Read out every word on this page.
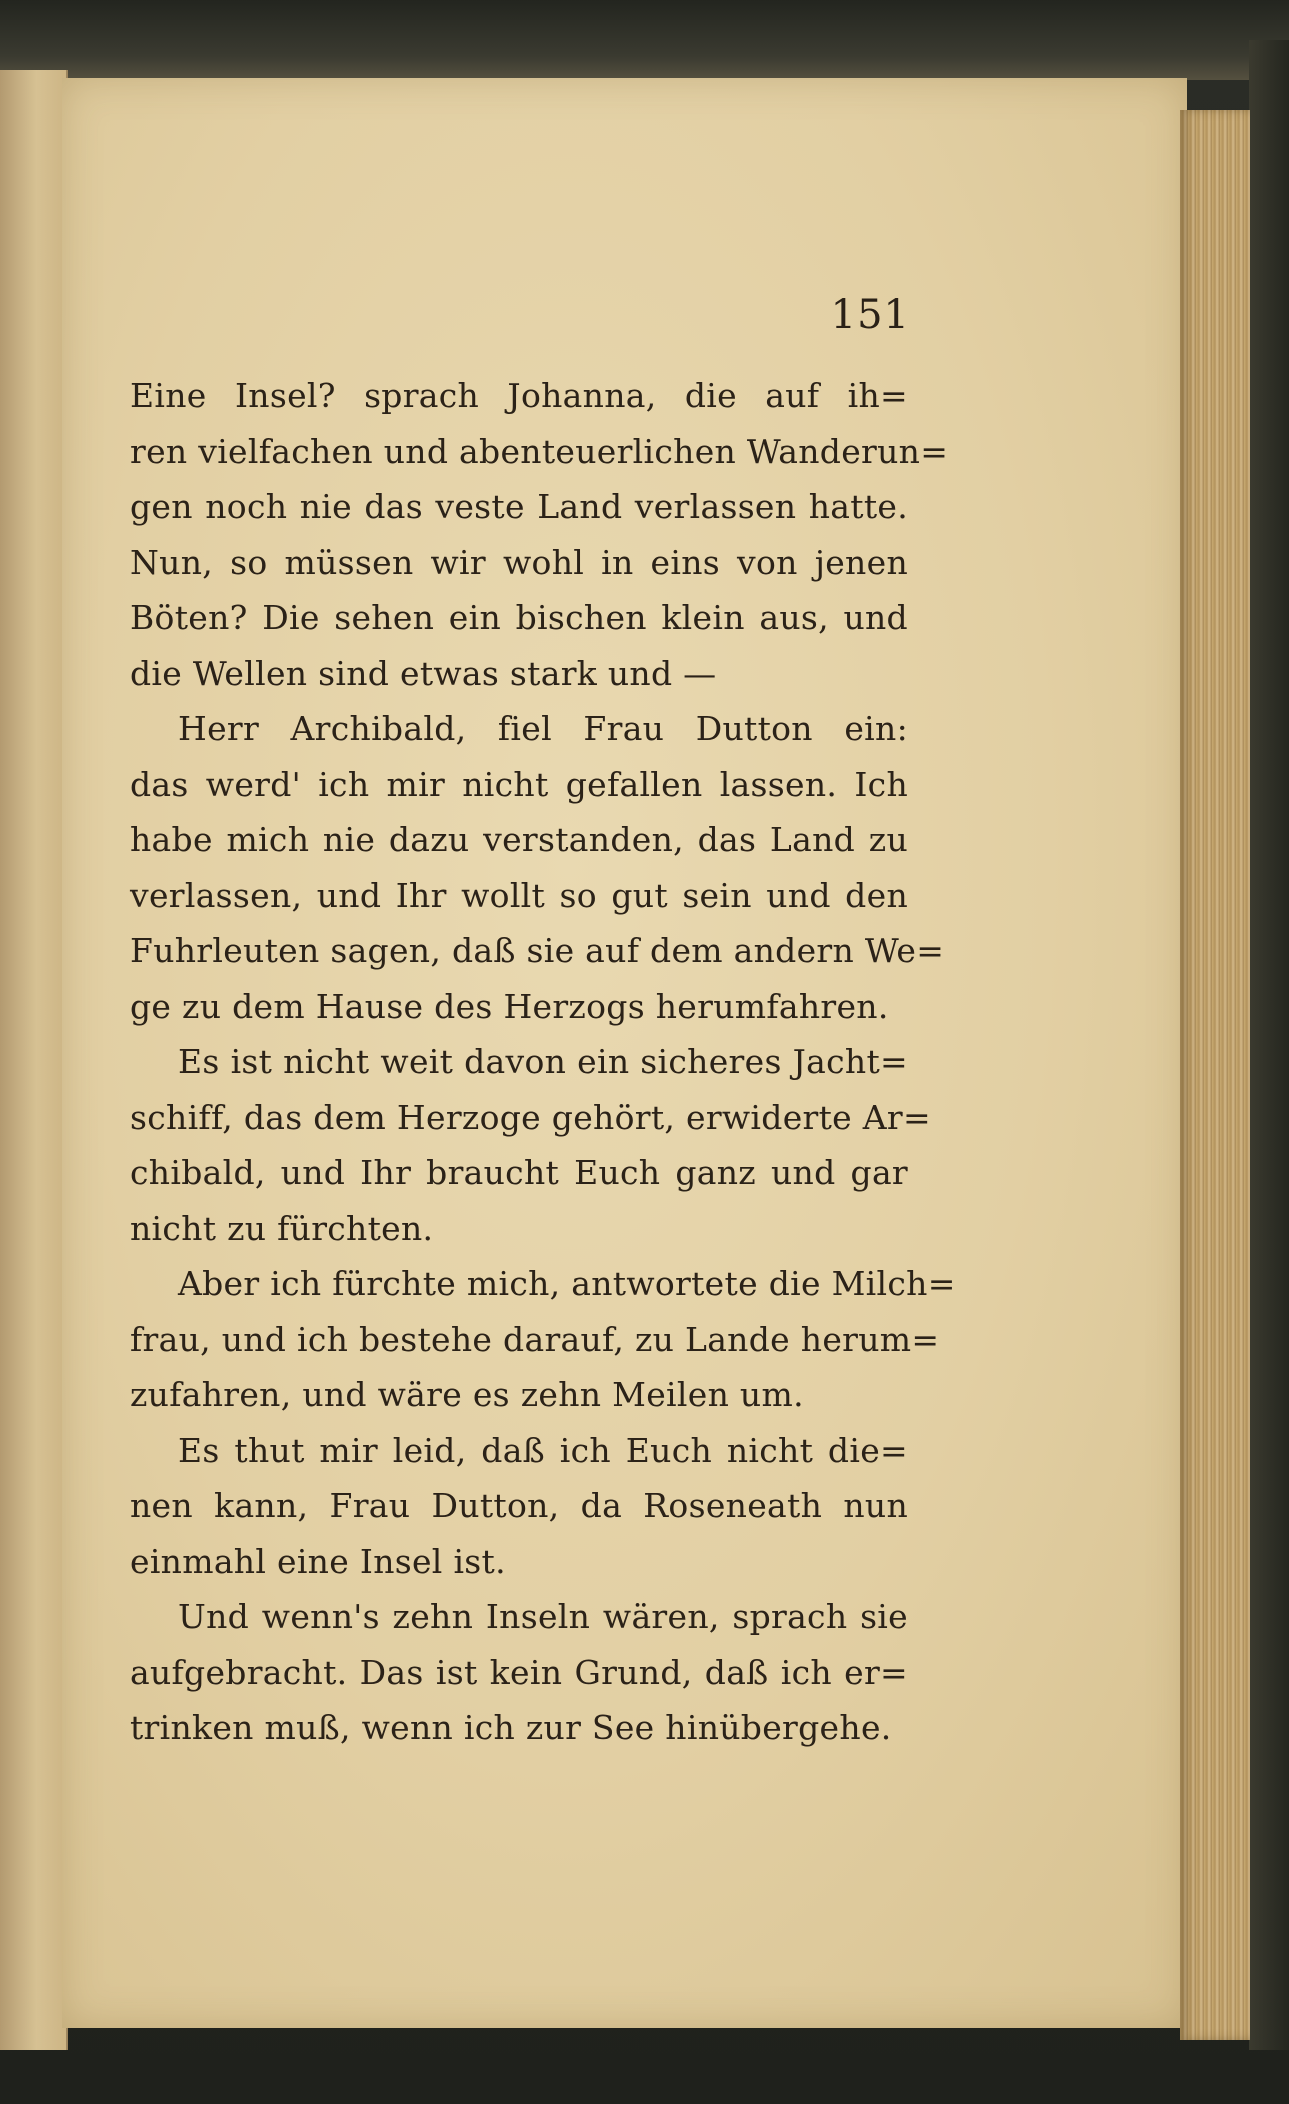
151
Eine Insel? sprach Johanna, die auf ih=
ren vielfachen und abenteuerlichen Wanderun=
gen noch nie das veste Land verlassen hatte.
Nun, so müssen wir wohl in eins von jenen
Böten? Die sehen ein bischen klein aus, und
die Wellen sind etwas stark und —
Herr Archibald, fiel Frau Dutton ein:
das werd' ich mir nicht gefallen lassen. Ich
habe mich nie dazu verstanden, das Land zu
verlassen, und Ihr wollt so gut sein und den
Fuhrleuten sagen, daß sie auf dem andern We=
ge zu dem Hause des Herzogs herumfahren.
Es ist nicht weit davon ein sicheres Jacht=
schiff, das dem Herzoge gehört, erwiderte Ar=
chibald, und Ihr braucht Euch ganz und gar
nicht zu fürchten.
Aber ich fürchte mich, antwortete die Milch=
frau, und ich bestehe darauf, zu Lande herum=
zufahren, und wäre es zehn Meilen um.
Es thut mir leid, daß ich Euch nicht die=
nen kann, Frau Dutton, da Roseneath nun
einmahl eine Insel ist.
Und wenn's zehn Inseln wären, sprach sie
aufgebracht. Das ist kein Grund, daß ich er=
trinken muß, wenn ich zur See hinübergehe.
